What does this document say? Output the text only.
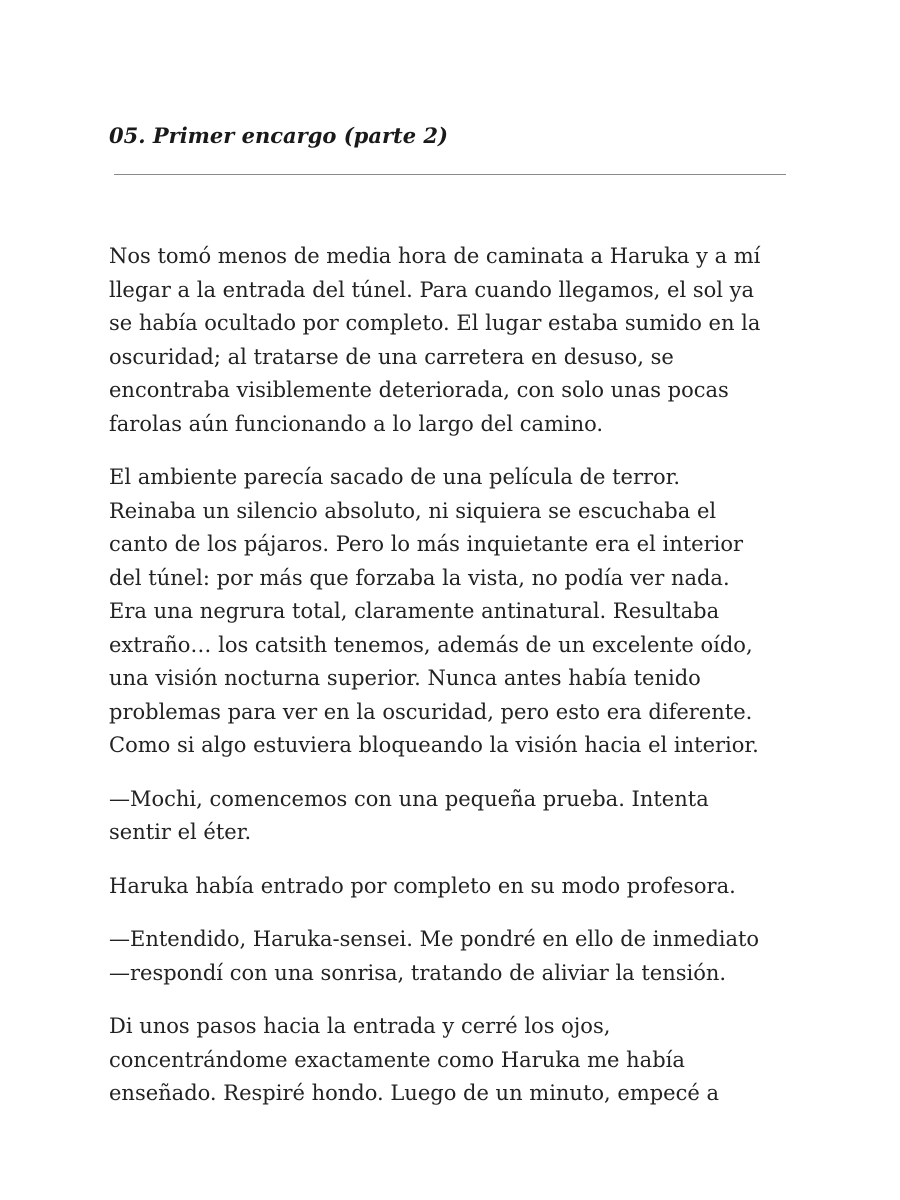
05. Primer encargo (parte 2)

Nos tomó menos de media hora de caminata a Haruka y a mí
llegar a la entrada del túnel. Para cuando llegamos, el sol ya
se había ocultado por completo. El lugar estaba sumido en la
oscuridad; al tratarse de una carretera en desuso, se
encontraba visiblemente deteriorada, con solo unas pocas
farolas aún funcionando a lo largo del camino.

El ambiente parecía sacado de una película de terror.
Reinaba un silencio absoluto, ni siquiera se escuchaba el
canto de los pájaros. Pero lo más inquietante era el interior
del túnel: por más que forzaba la vista, no podía ver nada.
Era una negrura total, claramente antinatural. Resultaba
extraño… los catsith tenemos, además de un excelente oído,
una visión nocturna superior. Nunca antes había tenido
problemas para ver en la oscuridad, pero esto era diferente.
Como si algo estuviera bloqueando la visión hacia el interior.

—Mochi, comencemos con una pequeña prueba. Intenta
sentir el éter.

Haruka había entrado por completo en su modo profesora.

—Entendido, Haruka-sensei. Me pondré en ello de inmediato
—respondí con una sonrisa, tratando de aliviar la tensión.

Di unos pasos hacia la entrada y cerré los ojos,
concentrándome exactamente como Haruka me había
enseñado. Respiré hondo. Luego de un minuto, empecé a
